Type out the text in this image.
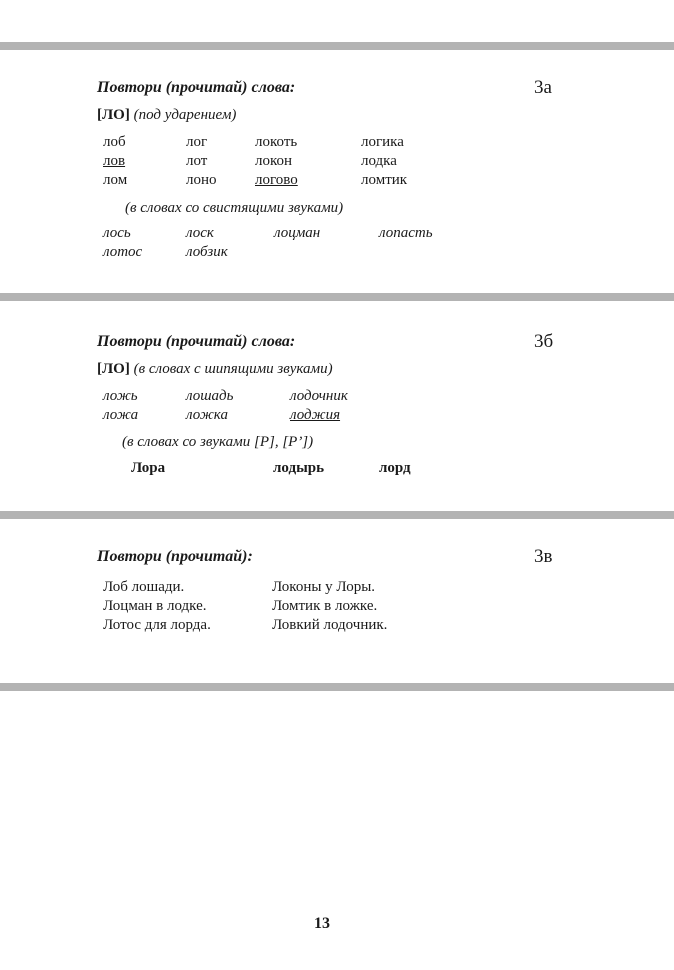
Повтори (прочитай) слова:	3а
[ЛО] (под ударением)
лоб	лог	локоть	логика
лов	лот	локон	лодка
лом	лоно	логово	ломтик
(в словах со свистящими звуками)
лось	лоск	лоцман	лопасть
лотос	лобзик
Повтори (прочитай) слова:	3б
[ЛО] (в словах с шипящими звуками)
ложь	лошадь	лодочник
ложа	ложка	лоджия
(в словах со звуками [Р], [Р’])
Лора	лодырь	лорд
Повтори (прочитай):	3в
Лоб лошади.	Локоны у Лоры.
Лоцман в лодке.	Ломтик в ложке.
Лотос для лорда.	Ловкий лодочник.
13
